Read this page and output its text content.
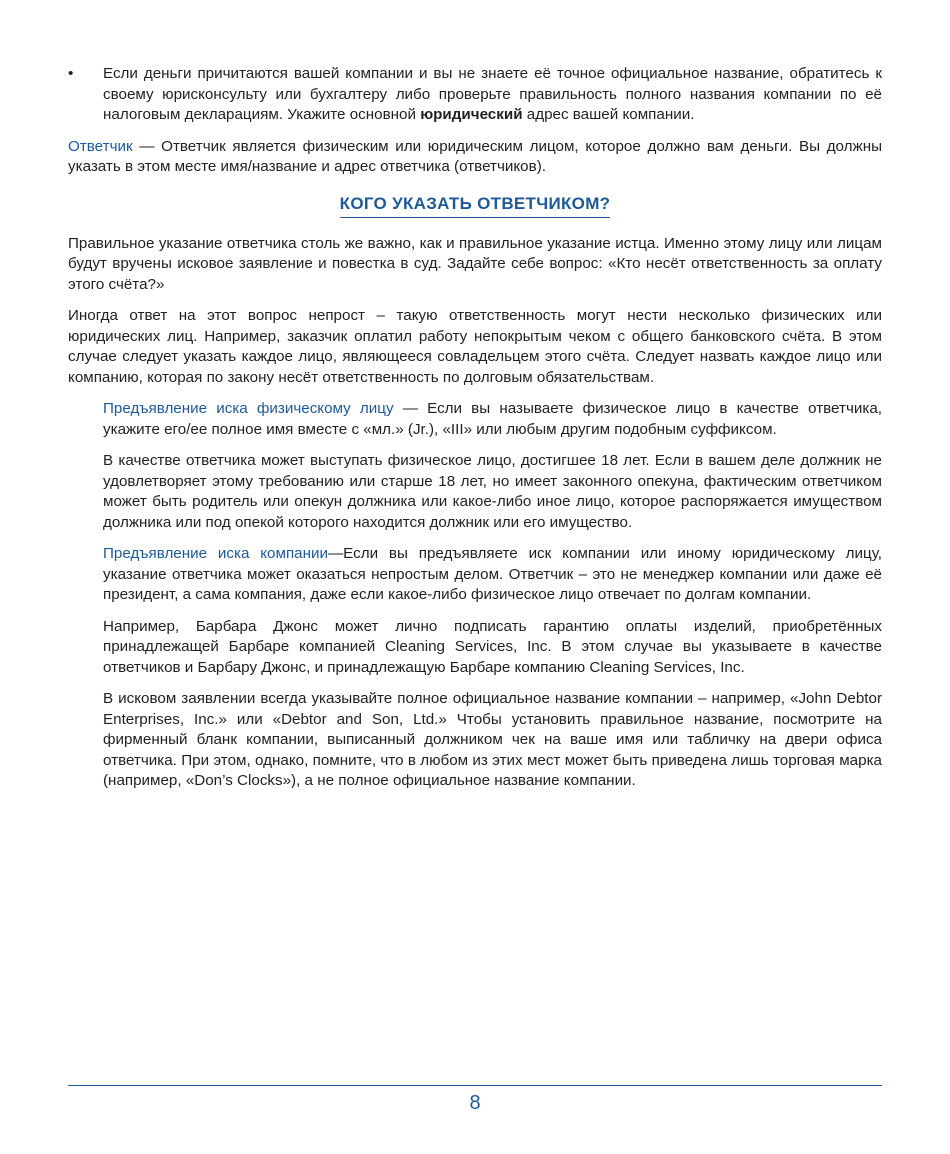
• Если деньги причитаются вашей компании и вы не знаете её точное официальное название, обратитесь к своему юрисконсульту или бухгалтеру либо проверьте правильность полного названия компании по её налоговым декларациям. Укажите основной юридический адрес вашей компании.

Ответчик — Ответчик является физическим или юридическим лицом, которое должно вам деньги. Вы должны указать в этом месте имя/название и адрес ответчика (ответчиков).

КОГО УКАЗАТЬ ОТВЕТЧИКОМ?

Правильное указание ответчика столь же важно, как и правильное указание истца. Именно этому лицу или лицам будут вручены исковое заявление и повестка в суд. Задайте себе вопрос: «Кто несёт ответственность за оплату этого счёта?»

Иногда ответ на этот вопрос непрост – такую ответственность могут нести несколько физических или юридических лиц. Например, заказчик оплатил работу непокрытым чеком с общего банковского счёта. В этом случае следует указать каждое лицо, являющееся совладельцем этого счёта. Следует назвать каждое лицо или компанию, которая по закону несёт ответственность по долговым обязательствам.

Предъявление иска физическому лицу — Если вы называете физическое лицо в качестве ответчика, укажите его/ее полное имя вместе с «мл.» (Jr.), «III» или любым другим подобным суффиксом.

В качестве ответчика может выступать физическое лицо, достигшее 18 лет. Если в вашем деле должник не удовлетворяет этому требованию или старше 18 лет, но имеет законного опекуна, фактическим ответчиком может быть родитель или опекун должника или какое-либо иное лицо, которое распоряжается имуществом должника или под опекой которого находится должник или его имущество.

Предъявление иска компании—Если вы предъявляете иск компании или иному юридическому лицу, указание ответчика может оказаться непростым делом. Ответчик – это не менеджер компании или даже её президент, а сама компания, даже если какое-либо физическое лицо отвечает по долгам компании.

Например, Барбара Джонс может лично подписать гарантию оплаты изделий, приобретённых принадлежащей Барбаре компанией Cleaning Services, Inc. В этом случае вы указываете в качестве ответчиков и Барбару Джонс, и принадлежащую Барбаре компанию Cleaning Services, Inc.

В исковом заявлении всегда указывайте полное официальное название компании – например, «John Debtor Enterprises, Inc.» или «Debtor and Son, Ltd.» Чтобы установить правильное название, посмотрите на фирменный бланк компании, выписанный должником чек на ваше имя или табличку на двери офиса ответчика. При этом, однако, помните, что в любом из этих мест может быть приведена лишь торговая марка (например, «Don’s Clocks»), а не полное официальное название компании.

8
